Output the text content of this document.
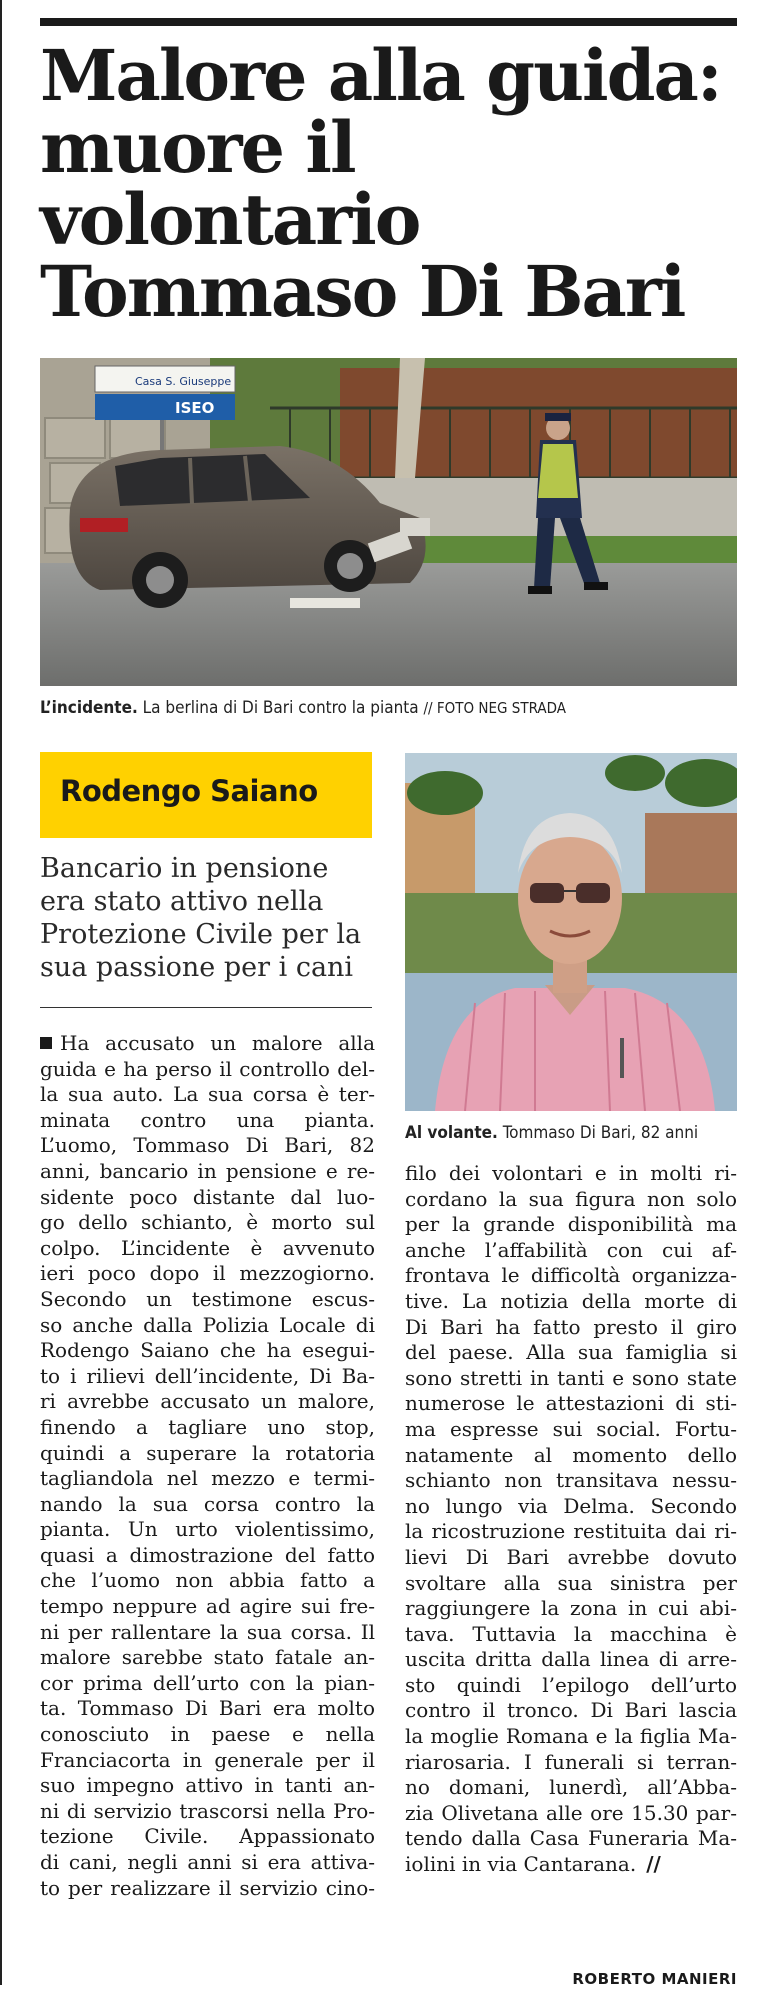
Malore alla guida:
muore il volontario
Tommaso Di Bari
Casa S. Giuseppe
ISEO
L’incidente. La berlina di Di Bari contro la pianta // FOTO NEG STRADA
Rodengo Saiano
Bancario in pensione era stato attivo nella Protezione Civile per la sua passione per i cani
Al volante. Tommaso Di Bari, 82 anni
Ha accusato un malore alla
guida e ha perso il controllo del-
la sua auto. La sua corsa è ter-
minata contro una pianta.
L’uomo, Tommaso Di Bari, 82
anni, bancario in pensione e re-
sidente poco distante dal luo-
go dello schianto, è morto sul
colpo. L’incidente è avvenuto
ieri poco dopo il mezzogiorno.
Secondo un testimone escus-
so anche dalla Polizia Locale di
Rodengo Saiano che ha esegui-
to i rilievi dell’incidente, Di Ba-
ri avrebbe accusato un malore,
finendo a tagliare uno stop,
quindi a superare la rotatoria
tagliandola nel mezzo e termi-
nando la sua corsa contro la
pianta. Un urto violentissimo,
quasi a dimostrazione del fatto
che l’uomo non abbia fatto a
tempo neppure ad agire sui fre-
ni per rallentare la sua corsa. Il
malore sarebbe stato fatale an-
cor prima dell’urto con la pian-
ta. Tommaso Di Bari era molto
conosciuto in paese e nella
Franciacorta in generale per il
suo impegno attivo in tanti an-
ni di servizio trascorsi nella Pro-
tezione Civile. Appassionato
di cani, negli anni si era attiva-
to per realizzare il servizio cino-
filo dei volontari e in molti ri-
cordano la sua figura non solo
per la grande disponibilità ma
anche l’affabilità con cui af-
frontava le difficoltà organizza-
tive. La notizia della morte di
Di Bari ha fatto presto il giro
del paese. Alla sua famiglia si
sono stretti in tanti e sono state
numerose le attestazioni di sti-
ma espresse sui social. Fortu-
natamente al momento dello
schianto non transitava nessu-
no lungo via Delma. Secondo
la ricostruzione restituita dai ri-
lievi Di Bari avrebbe dovuto
svoltare alla sua sinistra per
raggiungere la zona in cui abi-
tava. Tuttavia la macchina è
uscita dritta dalla linea di arre-
sto quindi l’epilogo dell’urto
contro il tronco. Di Bari lascia
la moglie Romana e la figlia Ma-
riarosaria. I funerali si terran-
no domani, lunerdì, all’Abba-
zia Olivetana alle ore 15.30 par-
tendo dalla Casa Funeraria Ma-
iolini in via Cantarana. //
ROBERTO MANIERI
